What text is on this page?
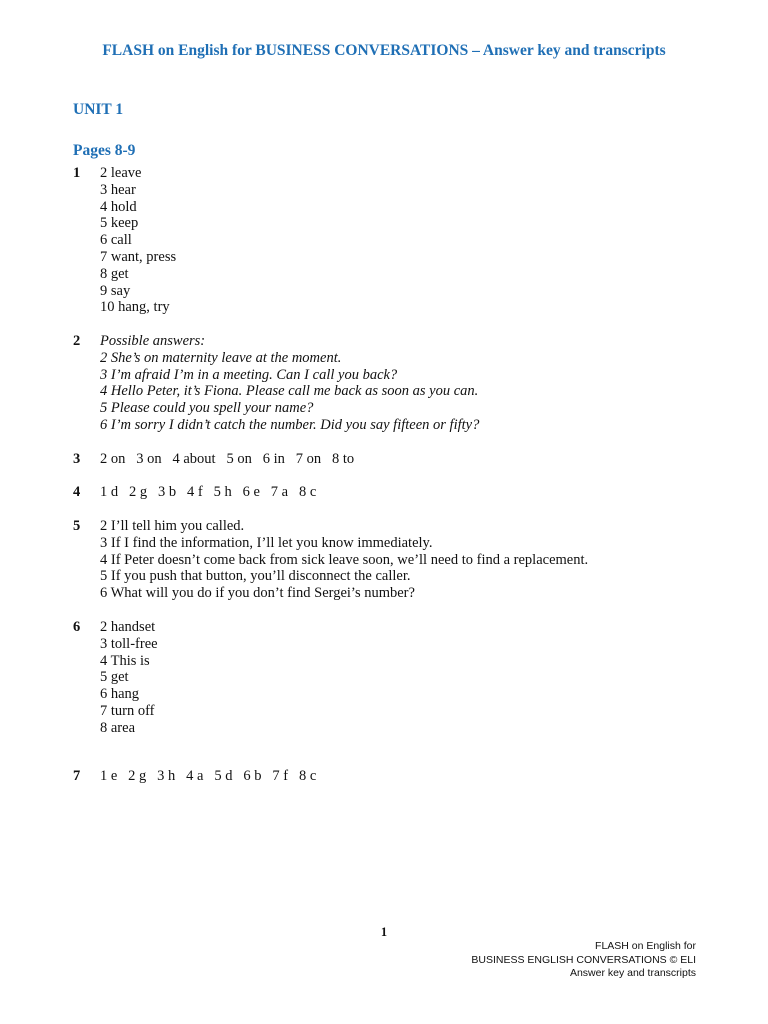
FLASH on English for BUSINESS CONVERSATIONS – Answer key and transcripts
UNIT 1
Pages 8-9
1 2 leave
3 hear
4 hold
5 keep
6 call
7 want, press
8 get
9 say
10 hang, try
2 Possible answers:
2 She’s on maternity leave at the moment.
3 I’m afraid I’m in a meeting. Can I call you back?
4 Hello Peter, it’s Fiona. Please call me back as soon as you can.
5 Please could you spell your name?
6 I’m sorry I didn’t catch the number. Did you say fifteen or fifty?
3 2 on   3 on   4 about   5 on   6 in   7 on   8 to
4 1 d   2 g   3 b   4 f   5 h   6 e   7 a   8 c
5 2 I’ll tell him you called.
3 If I find the information, I’ll let you know immediately.
4 If Peter doesn’t come back from sick leave soon, we’ll need to find a replacement.
5 If you push that button, you’ll disconnect the caller.
6 What will you do if you don’t find Sergei’s number?
6 2 handset
3 toll-free
4 This is
5 get
6 hang
7 turn off
8 area
7 1 e   2 g   3 h   4 a   5 d   6 b   7 f   8 c
1
FLASH on English for
BUSINESS ENGLISH CONVERSATIONS © ELI
Answer key and transcripts
